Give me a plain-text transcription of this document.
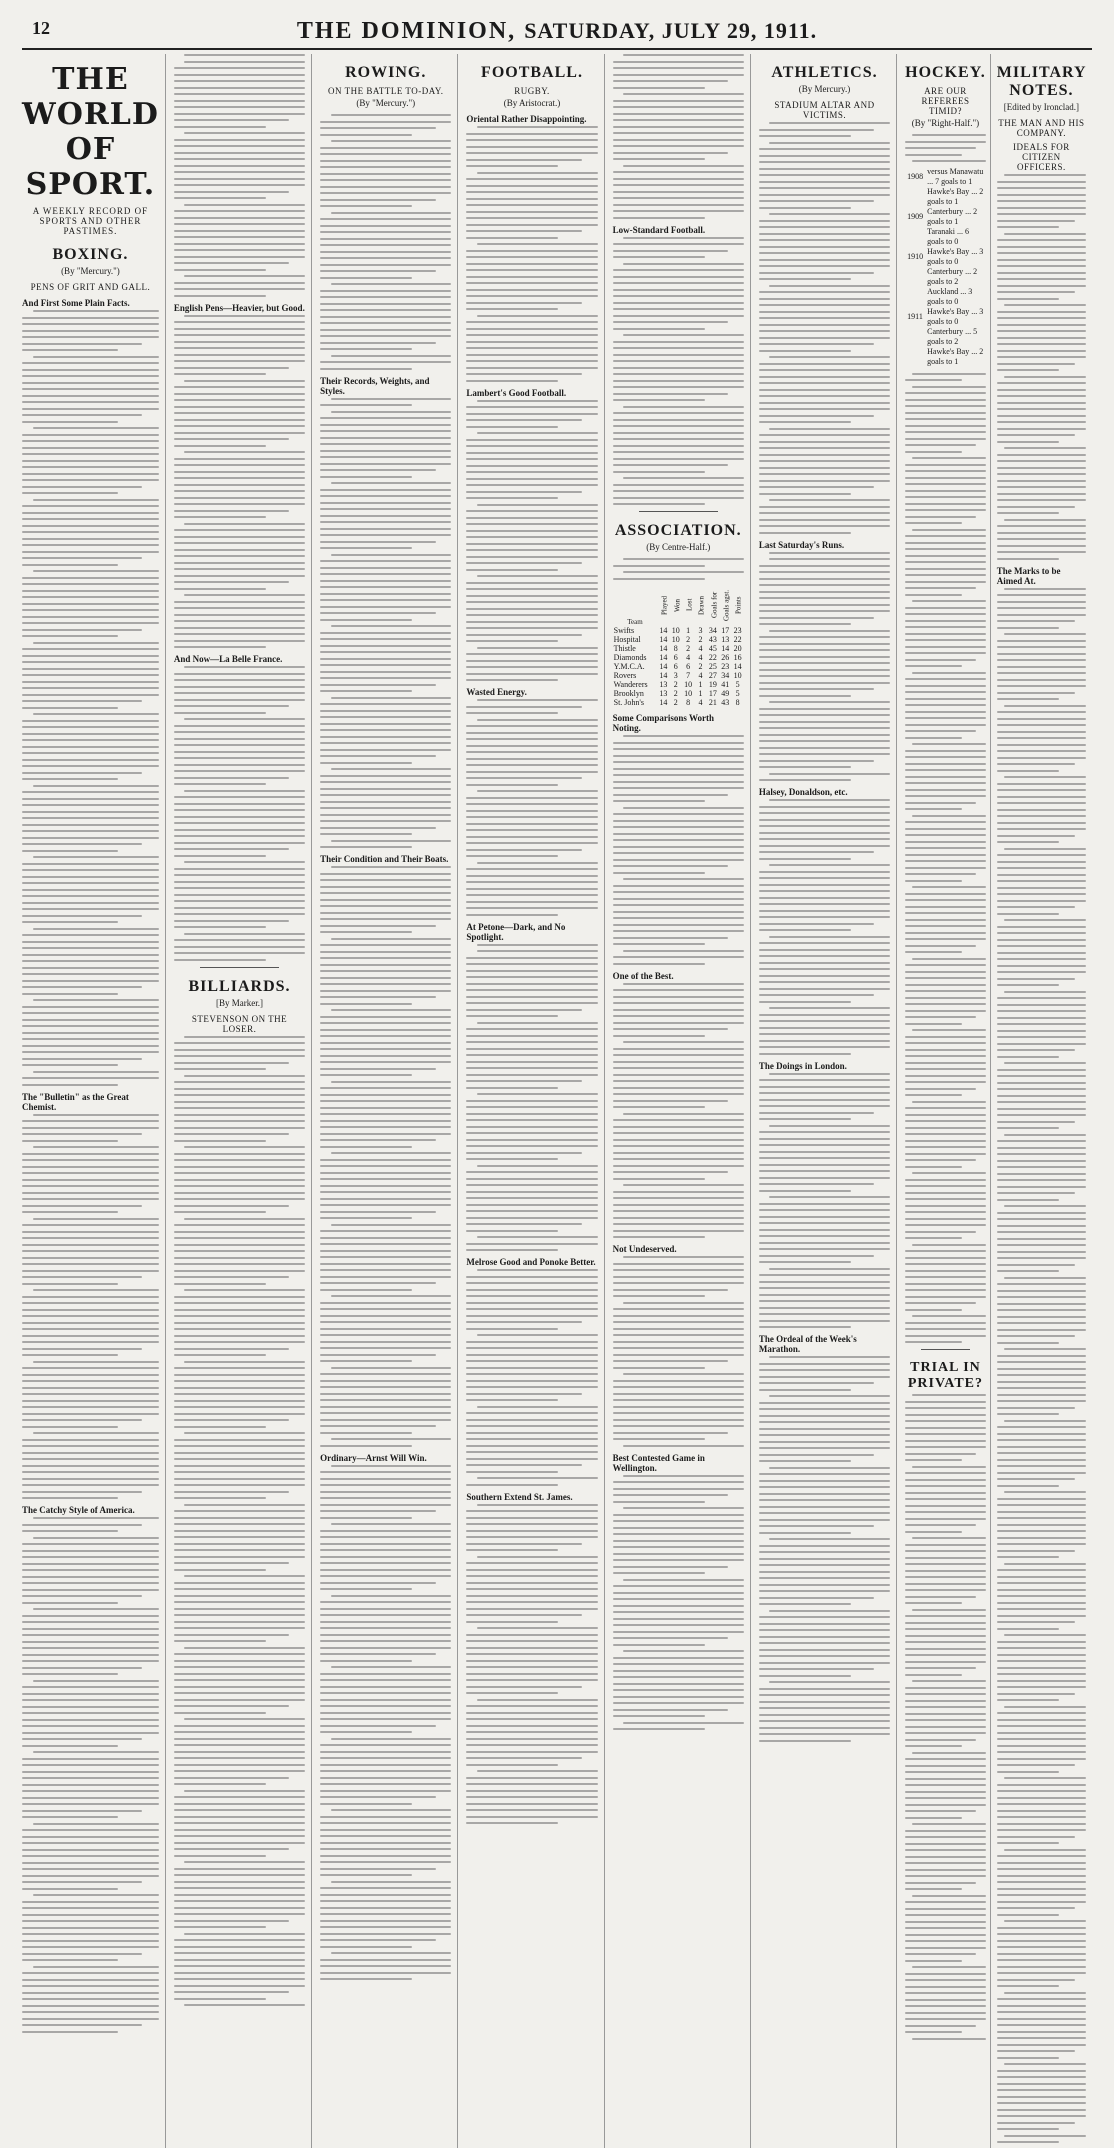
12	THE DOMINION, SATURDAY, JULY 29, 1911.
THE WORLD OF SPORT.
A WEEKLY RECORD OF SPORTS AND OTHER PASTIMES.
BOXING.
(By "Mercury.")
PENS OF GRIT AND GALL.
And First Some Plain Facts.
The "Bulletin" as the Great Chemist.
The Catchy Style of America.
English Pens—Heavier, but Good.
And Now—La Belle France.
BILLIARDS.
[By Marker.]
STEVENSON ON THE LOSER.
ROWING.
ON THE BATTLE TO-DAY.
(By "Mercury.")
Their Records, Weights, and Styles.
Their Condition and Their Boats.
Ordinary—Arnst Will Win.
FOOTBALL.
RUGBY.
(By Aristocrat.)
Oriental Rather Disappointing.
Lambert's Good Football.
Wasted Energy.
At Petone—Dark, and No Spotlight.
Melrose Good and Ponoke Better.
Southern Extend St. James.
Low-Standard Football.
ASSOCIATION.
(By Centre-Half.)
Team	Played	Won	Lost	Drawn	Goals for	Goals agst.	Points
Swifts	14	10	1	3	34	17	23
Hospital	14	10	2	2	43	13	22
Thistle	14	8	2	4	45	14	20
Diamonds	14	6	4	4	22	26	16
Y.M.C.A.	14	6	6	2	25	23	14
Rovers	14	3	7	4	27	34	10
Wanderers	13	2	10	1	19	41	5
Brooklyn	13	2	10	1	17	49	5
St. John's	14	2	8	4	21	43	8
Some Comparisons Worth Noting.
One of the Best.
Not Undeserved.
Best Contested Game in Wellington.
ATHLETICS.
(By Mercury.)
STADIUM ALTAR AND VICTIMS.
Last Saturday's Runs.
Halsey, Donaldson, etc.
The Doings in London.
The Ordeal of the Week's Marathon.
HOCKEY.
ARE OUR REFEREES TIMID?
(By "Right-Half.")
1908	versus Manawatu ... 7 goals to 1
	Hawke's Bay ... 2 goals to 1
1909	Canterbury ... 2 goals to 1
	Taranaki ... 6 goals to 0
1910	Hawke's Bay ... 3 goals to 0
	Canterbury ... 2 goals to 2
	Auckland ... 3 goals to 0
1911	Hawke's Bay ... 3 goals to 0
	Canterbury ... 5 goals to 2
	Hawke's Bay ... 2 goals to 1
TRIAL IN PRIVATE?
MILITARY NOTES.
[Edited by Ironclad.]
THE MAN AND HIS COMPANY.
IDEALS FOR CITIZEN OFFICERS.
The Marks to be Aimed At.
